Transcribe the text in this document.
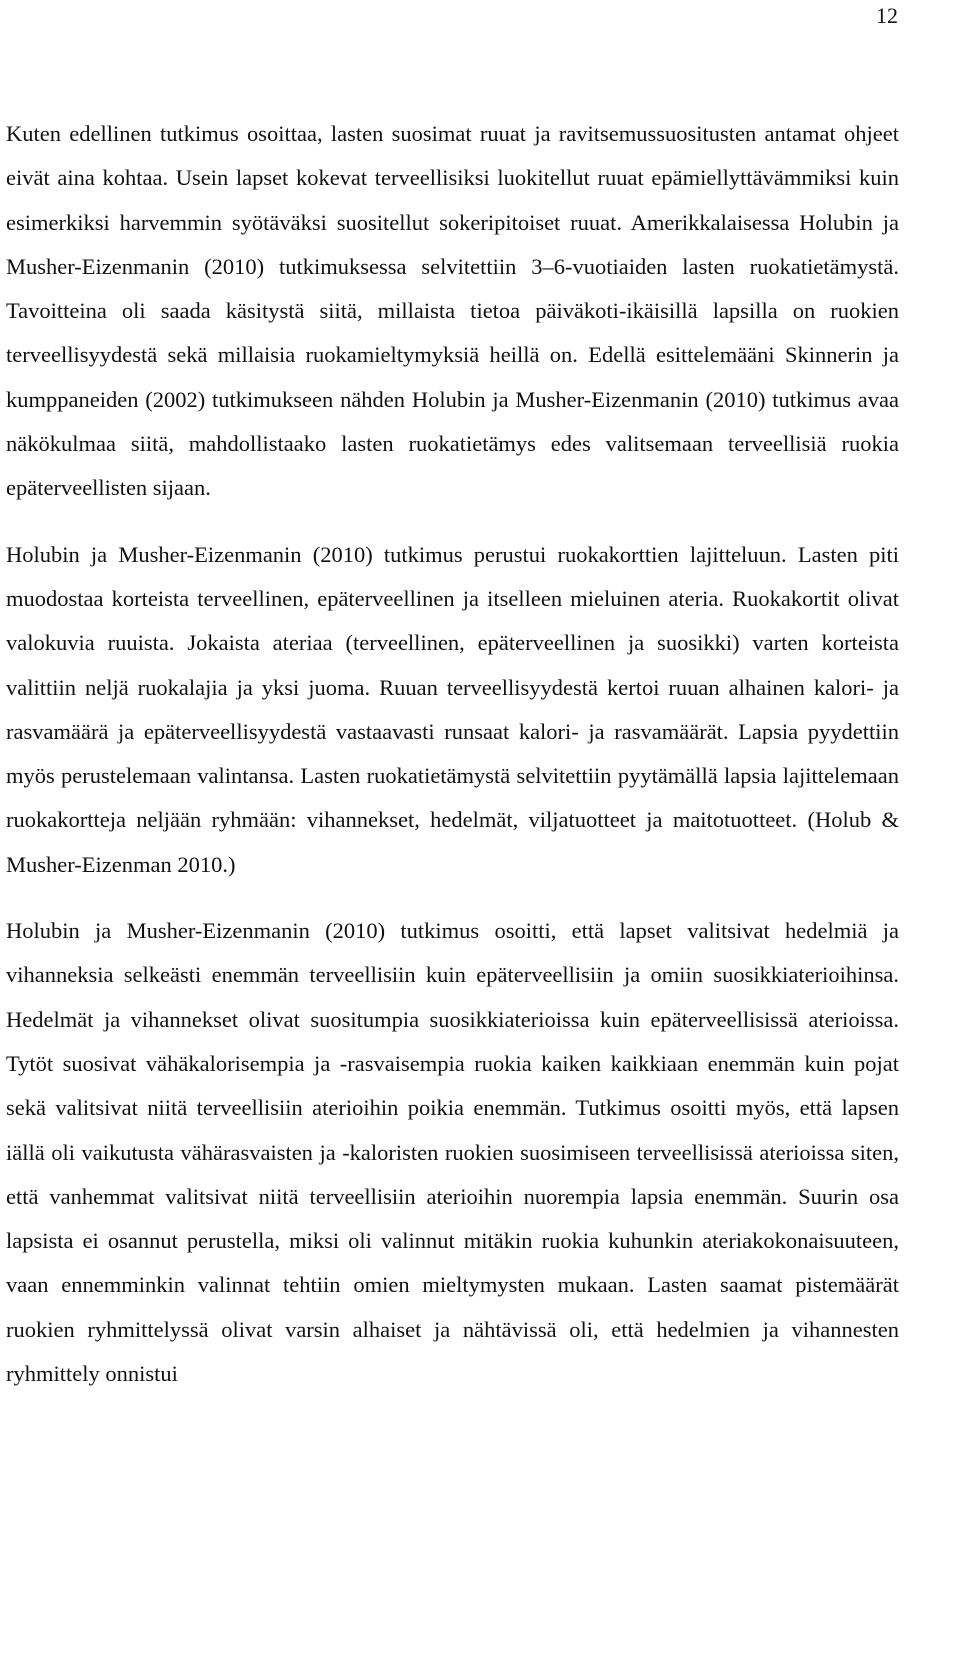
12

Kuten edellinen tutkimus osoittaa, lasten suosimat ruuat ja ravitsemussuositusten antamat ohjeet eivät aina kohtaa. Usein lapset kokevat terveellisiksi luokitellut ruuat epämiellyttävämmiksi kuin esimerkiksi harvemmin syötäväksi suositellut sokeripitoiset ruuat. Amerikkalaisessa Holubin ja Musher-Eizenmanin (2010) tutkimuksessa selvitettiin 3–6-vuotiaiden lasten ruokatietämystä. Tavoitteina oli saada käsitystä siitä, millaista tietoa päiväkoti-ikäisillä lapsilla on ruokien terveellisyydestä sekä millaisia ruokamieltymyksiä heillä on. Edellä esittelemääni Skinnerin ja kumppaneiden (2002) tutkimukseen nähden Holubin ja Musher-Eizenmanin (2010) tutkimus avaa näkökulmaa siitä, mahdollistaako lasten ruokatietämys edes valitsemaan terveellisiä ruokia epäterveellisten sijaan.

Holubin ja Musher-Eizenmanin (2010) tutkimus perustui ruokakorttien lajitteluun. Lasten piti muodostaa korteista terveellinen, epäterveellinen ja itselleen mieluinen ateria. Ruokakortit olivat valokuvia ruuista. Jokaista ateriaa (terveellinen, epäterveellinen ja suosikki) varten korteista valittiin neljä ruokalajia ja yksi juoma. Ruuan terveellisyydestä kertoi ruuan alhainen kalori- ja rasvamäärä ja epäterveellisyydestä vastaavasti runsaat kalori- ja rasvamäärät. Lapsia pyydettiin myös perustelemaan valintansa. Lasten ruokatietämystä selvitettiin pyytämällä lapsia lajittelemaan ruokakortteja neljään ryhmään: vihannekset, hedelmät, viljatuotteet ja maitotuotteet. (Holub & Musher-Eizenman 2010.)

Holubin ja Musher-Eizenmanin (2010) tutkimus osoitti, että lapset valitsivat hedelmiä ja vihanneksia selkeästi enemmän terveellisiin kuin epäterveellisiin ja omiin suosikkiaterioihinsa. Hedelmät ja vihannekset olivat suositumpia suosikkiaterioissa kuin epäterveellisissä aterioissa. Tytöt suosivat vähäkalorisempia ja -rasvaisempia ruokia kaiken kaikkiaan enemmän kuin pojat sekä valitsivat niitä terveellisiin aterioihin poikia enemmän. Tutkimus osoitti myös, että lapsen iällä oli vaikutusta vähärasvaisten ja -kaloristen ruokien suosimiseen terveellisissä aterioissa siten, että vanhemmat valitsivat niitä terveellisiin aterioihin nuorempia lapsia enemmän. Suurin osa lapsista ei osannut perustella, miksi oli valinnut mitäkin ruokia kuhunkin ateriakokonaisuuteen, vaan ennemminkin valinnat tehtiin omien mieltymysten mukaan. Lasten saamat pistemäärät ruokien ryhmittelyssä olivat varsin alhaiset ja nähtävissä oli, että hedelmien ja vihannesten ryhmittely onnistui
